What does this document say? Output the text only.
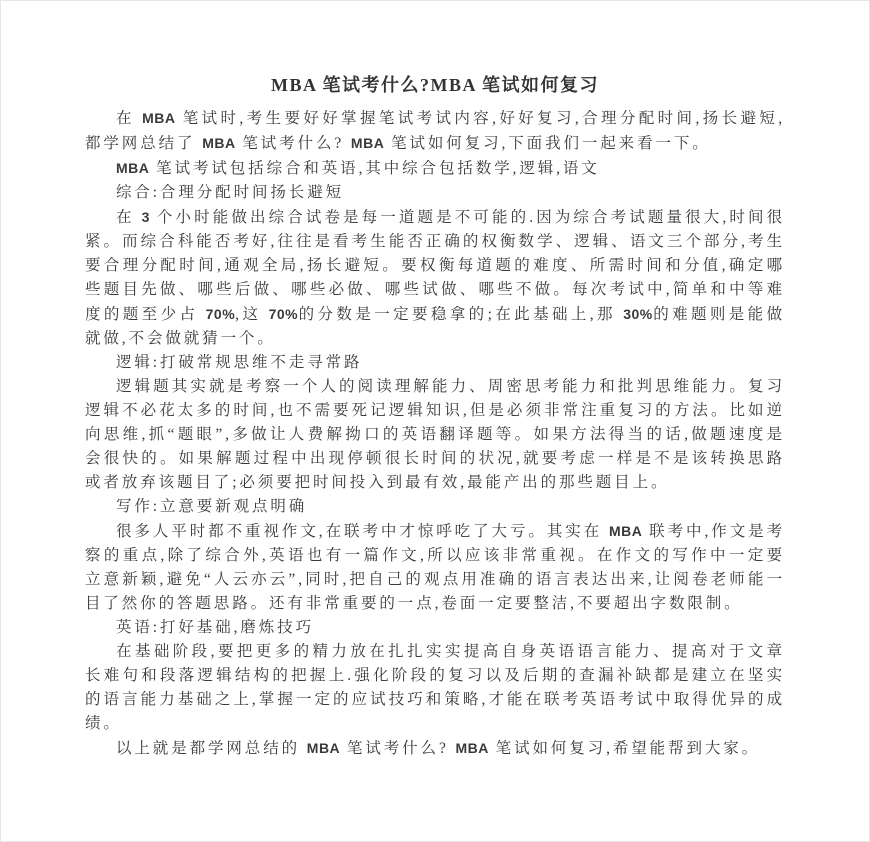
MBA 笔试考什么?MBA 笔试如何复习

在 MBA 笔试时,考生要好好掌握笔试考试内容,好好复习,合理分配时间,扬长避短,都学网总结了 MBA 笔试考什么? MBA 笔试如何复习,下面我们一起来看一下。

MBA 笔试考试包括综合和英语,其中综合包括数学,逻辑,语文

综合:合理分配时间扬长避短

在 3 个小时能做出综合试卷是每一道题是不可能的.因为综合考试题量很大,时间很紧。而综合科能否考好,往往是看考生能否正确的权衡数学、逻辑、语文三个部分,考生要合理分配时间,通观全局,扬长避短。要权衡每道题的难度、所需时间和分值,确定哪些题目先做、哪些后做、哪些必做、哪些试做、哪些不做。每次考试中,简单和中等难度的题至少占 70%,这 70%的分数是一定要稳拿的;在此基础上,那 30%的难题则是能做就做,不会做就猜一个。

逻辑:打破常规思维不走寻常路

逻辑题其实就是考察一个人的阅读理解能力、周密思考能力和批判思维能力。复习逻辑不必花太多的时间,也不需要死记逻辑知识,但是必须非常注重复习的方法。比如逆向思维,抓“题眼”,多做让人费解拗口的英语翻译题等。如果方法得当的话,做题速度是会很快的。如果解题过程中出现停顿很长时间的状况,就要考虑一样是不是该转换思路或者放弃该题目了;必须要把时间投入到最有效,最能产出的那些题目上。

写作:立意要新观点明确

很多人平时都不重视作文,在联考中才惊呼吃了大亏。其实在 MBA 联考中,作文是考察的重点,除了综合外,英语也有一篇作文,所以应该非常重视。在作文的写作中一定要立意新颖,避免“人云亦云”,同时,把自己的观点用准确的语言表达出来,让阅卷老师能一目了然你的答题思路。还有非常重要的一点,卷面一定要整洁,不要超出字数限制。

英语:打好基础,磨炼技巧

在基础阶段,要把更多的精力放在扎扎实实提高自身英语语言能力、提高对于文章长难句和段落逻辑结构的把握上.强化阶段的复习以及后期的查漏补缺都是建立在坚实的语言能力基础之上,掌握一定的应试技巧和策略,才能在联考英语考试中取得优异的成绩。

以上就是都学网总结的 MBA 笔试考什么? MBA 笔试如何复习,希望能帮到大家。
